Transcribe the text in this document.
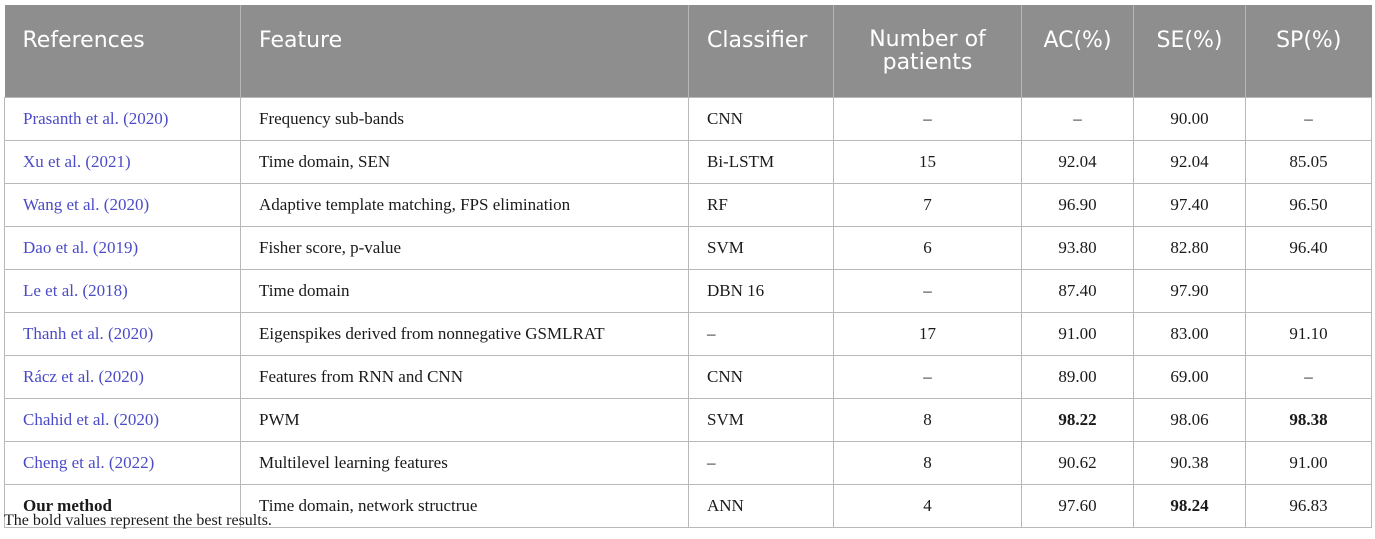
References	Feature	Classifier	Number of patients	AC(%)	SE(%)	SP(%)
Prasanth et al. (2020)	Frequency sub-bands	CNN	–	–	90.00	–
Xu et al. (2021)	Time domain, SEN	Bi-LSTM	15	92.04	92.04	85.05
Wang et al. (2020)	Adaptive template matching, FPS elimination	RF	7	96.90	97.40	96.50
Dao et al. (2019)	Fisher score, p-value	SVM	6	93.80	82.80	96.40
Le et al. (2018)	Time domain	DBN 16	–	87.40	97.90	
Thanh et al. (2020)	Eigenspikes derived from nonnegative GSMLRAT	–	17	91.00	83.00	91.10
Rácz et al. (2020)	Features from RNN and CNN	CNN	–	89.00	69.00	–
Chahid et al. (2020)	PWM	SVM	8	98.22	98.06	98.38
Cheng et al. (2022)	Multilevel learning features	–	8	90.62	90.38	91.00
Our method	Time domain, network structrue	ANN	4	97.60	98.24	96.83
The bold values represent the best results.
